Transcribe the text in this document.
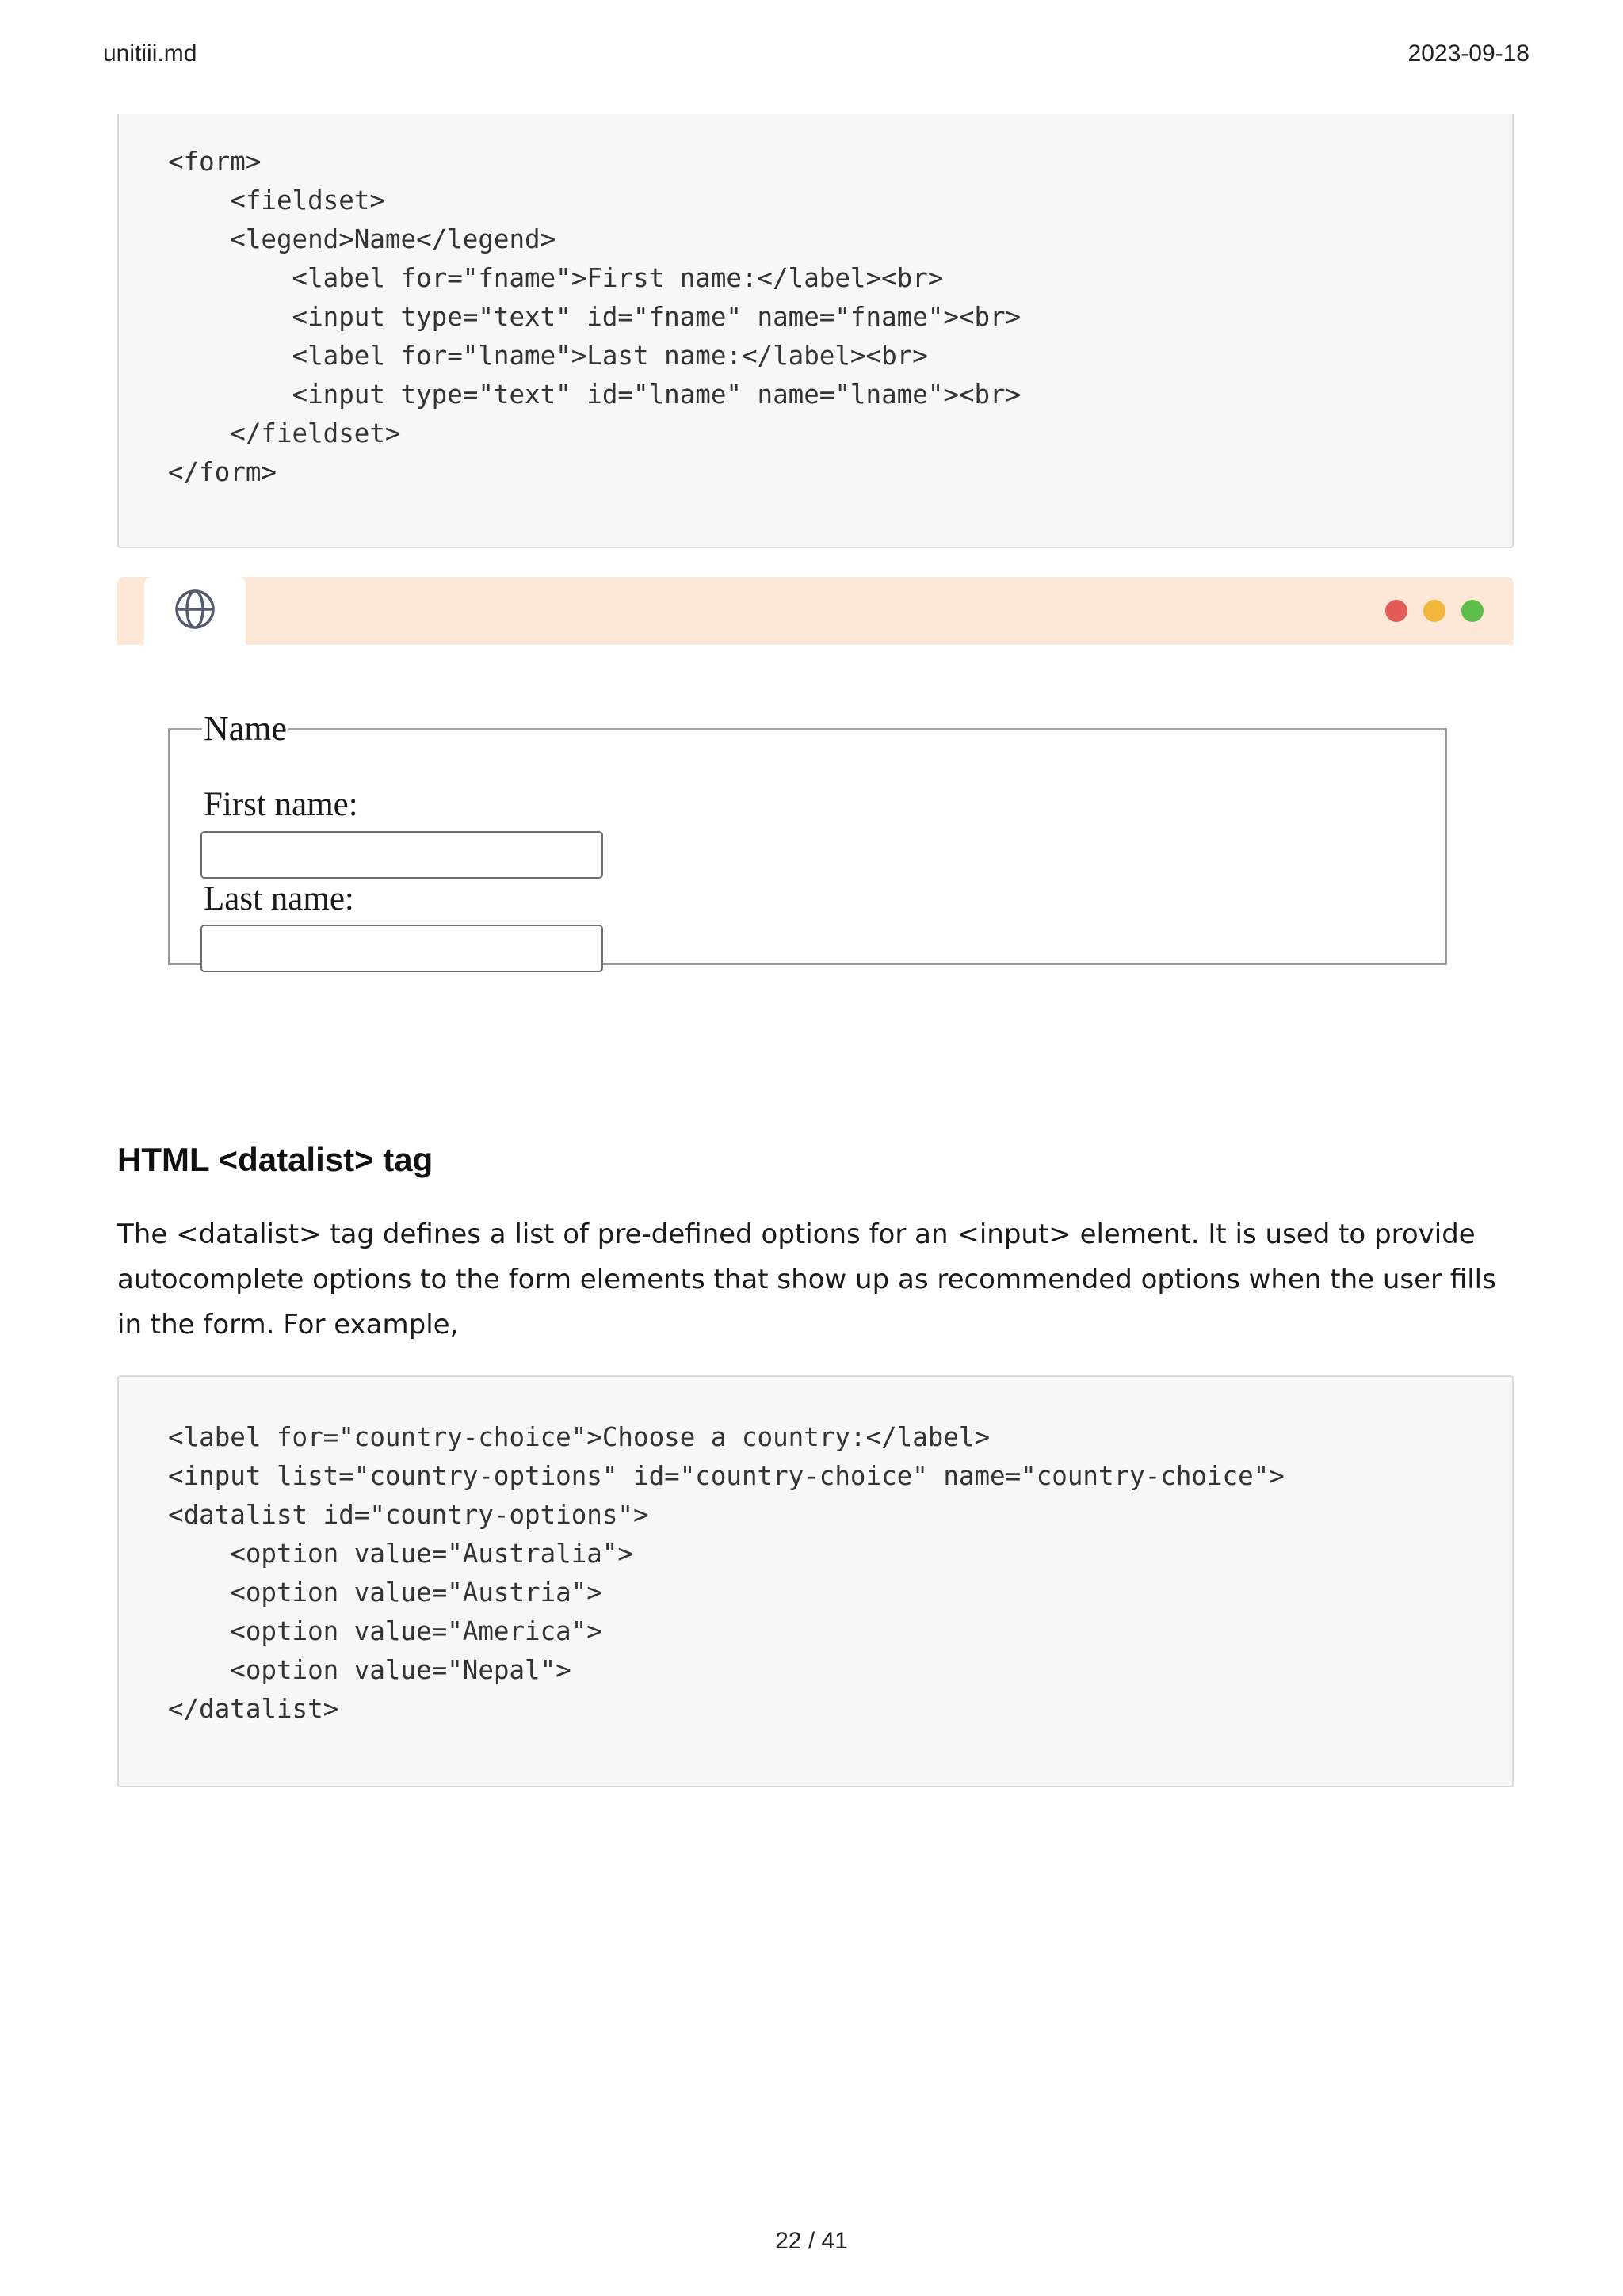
unitiii.md	2023-09-18
<form>
<fieldset>
<legend>Name</legend>
<label for="fname">First name:</label><br>
<input type="text" id="fname" name="fname"><br>
<label for="lname">Last name:</label><br>
<input type="text" id="lname" name="lname"><br>
</fieldset>
</form>
Name
First name:
Last name:
HTML <datalist> tag

The <datalist> tag defines a list of pre-defined options for an <input> element. It is used to provide autocomplete options to the form elements that show up as recommended options when the user fills in the form. For example,

<label for="country-choice">Choose a country:</label>
<input list="country-options" id="country-choice" name="country-choice">
<datalist id="country-options">
<option value="Australia">
<option value="Austria">
<option value="America">
<option value="Nepal">
</datalist>
22 / 41
